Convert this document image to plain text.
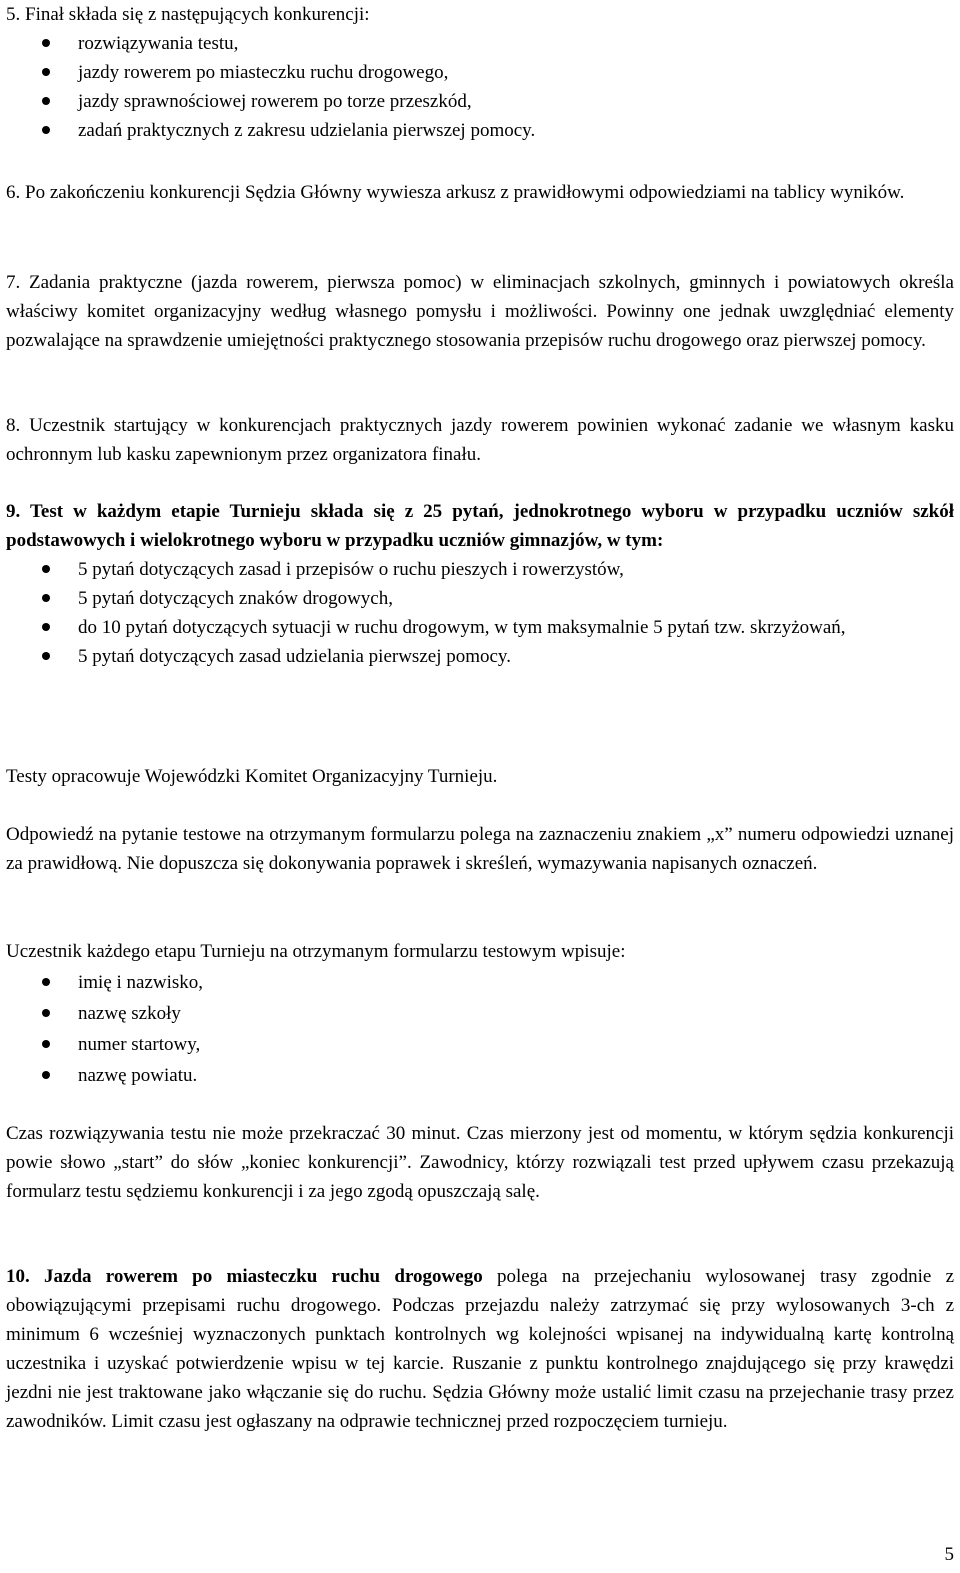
5. Finał składa się z następujących konkurencji:

rozwiązywania testu,
jazdy rowerem po miasteczku ruchu drogowego,
jazdy sprawnościowej rowerem po torze przeszkód,
zadań praktycznych z zakresu udzielania pierwszej pomocy.

6. Po zakończeniu konkurencji Sędzia Główny wywiesza arkusz z prawidłowymi odpowiedziami na tablicy wyników.

7. Zadania praktyczne (jazda rowerem, pierwsza pomoc) w eliminacjach szkolnych, gminnych i powiatowych określa właściwy komitet organizacyjny według własnego pomysłu i możliwości. Powinny one jednak uwzględniać elementy pozwalające na sprawdzenie umiejętności praktycznego stosowania przepisów ruchu drogowego oraz pierwszej pomocy.

8. Uczestnik startujący w konkurencjach praktycznych jazdy rowerem powinien wykonać zadanie we własnym kasku ochronnym lub kasku zapewnionym przez organizatora finału.

9. Test w każdym etapie Turnieju składa się z 25 pytań, jednokrotnego wyboru w przypadku uczniów szkół podstawowych i wielokrotnego wyboru w przypadku uczniów gimnazjów, w tym:

5 pytań dotyczących zasad i przepisów o ruchu pieszych i rowerzystów,
5 pytań dotyczących znaków drogowych,
do 10 pytań dotyczących sytuacji w ruchu drogowym, w tym maksymalnie 5 pytań tzw. skrzyżowań,
5 pytań dotyczących zasad udzielania pierwszej pomocy.

Testy opracowuje Wojewódzki Komitet Organizacyjny Turnieju.

Odpowiedź na pytanie testowe na otrzymanym formularzu polega na zaznaczeniu znakiem „x” numeru odpowiedzi uznanej za prawidłową. Nie dopuszcza się dokonywania poprawek i skreśleń, wymazywania napisanych oznaczeń.

Uczestnik każdego etapu Turnieju na otrzymanym formularzu testowym wpisuje:

imię i nazwisko,
nazwę szkoły
numer startowy,
nazwę powiatu.

Czas rozwiązywania testu nie może przekraczać 30 minut. Czas mierzony jest od momentu, w którym sędzia konkurencji powie słowo „start” do słów „koniec konkurencji”. Zawodnicy, którzy rozwiązali test przed upływem czasu przekazują formularz testu sędziemu konkurencji i za jego zgodą opuszczają salę.

10. Jazda rowerem po miasteczku ruchu drogowego polega na przejechaniu wylosowanej trasy zgodnie z obowiązującymi przepisami ruchu drogowego. Podczas przejazdu należy zatrzymać się przy wylosowanych 3-ch z minimum 6 wcześniej wyznaczonych punktach kontrolnych wg kolejności wpisanej na indywidualną kartę kontrolną uczestnika i uzyskać potwierdzenie wpisu w tej karcie. Ruszanie z punktu kontrolnego znajdującego się przy krawędzi jezdni nie jest traktowane jako włączanie się do ruchu. Sędzia Główny może ustalić limit czasu na przejechanie trasy przez zawodników. Limit czasu jest ogłaszany na odprawie technicznej przed rozpoczęciem turnieju.

5
